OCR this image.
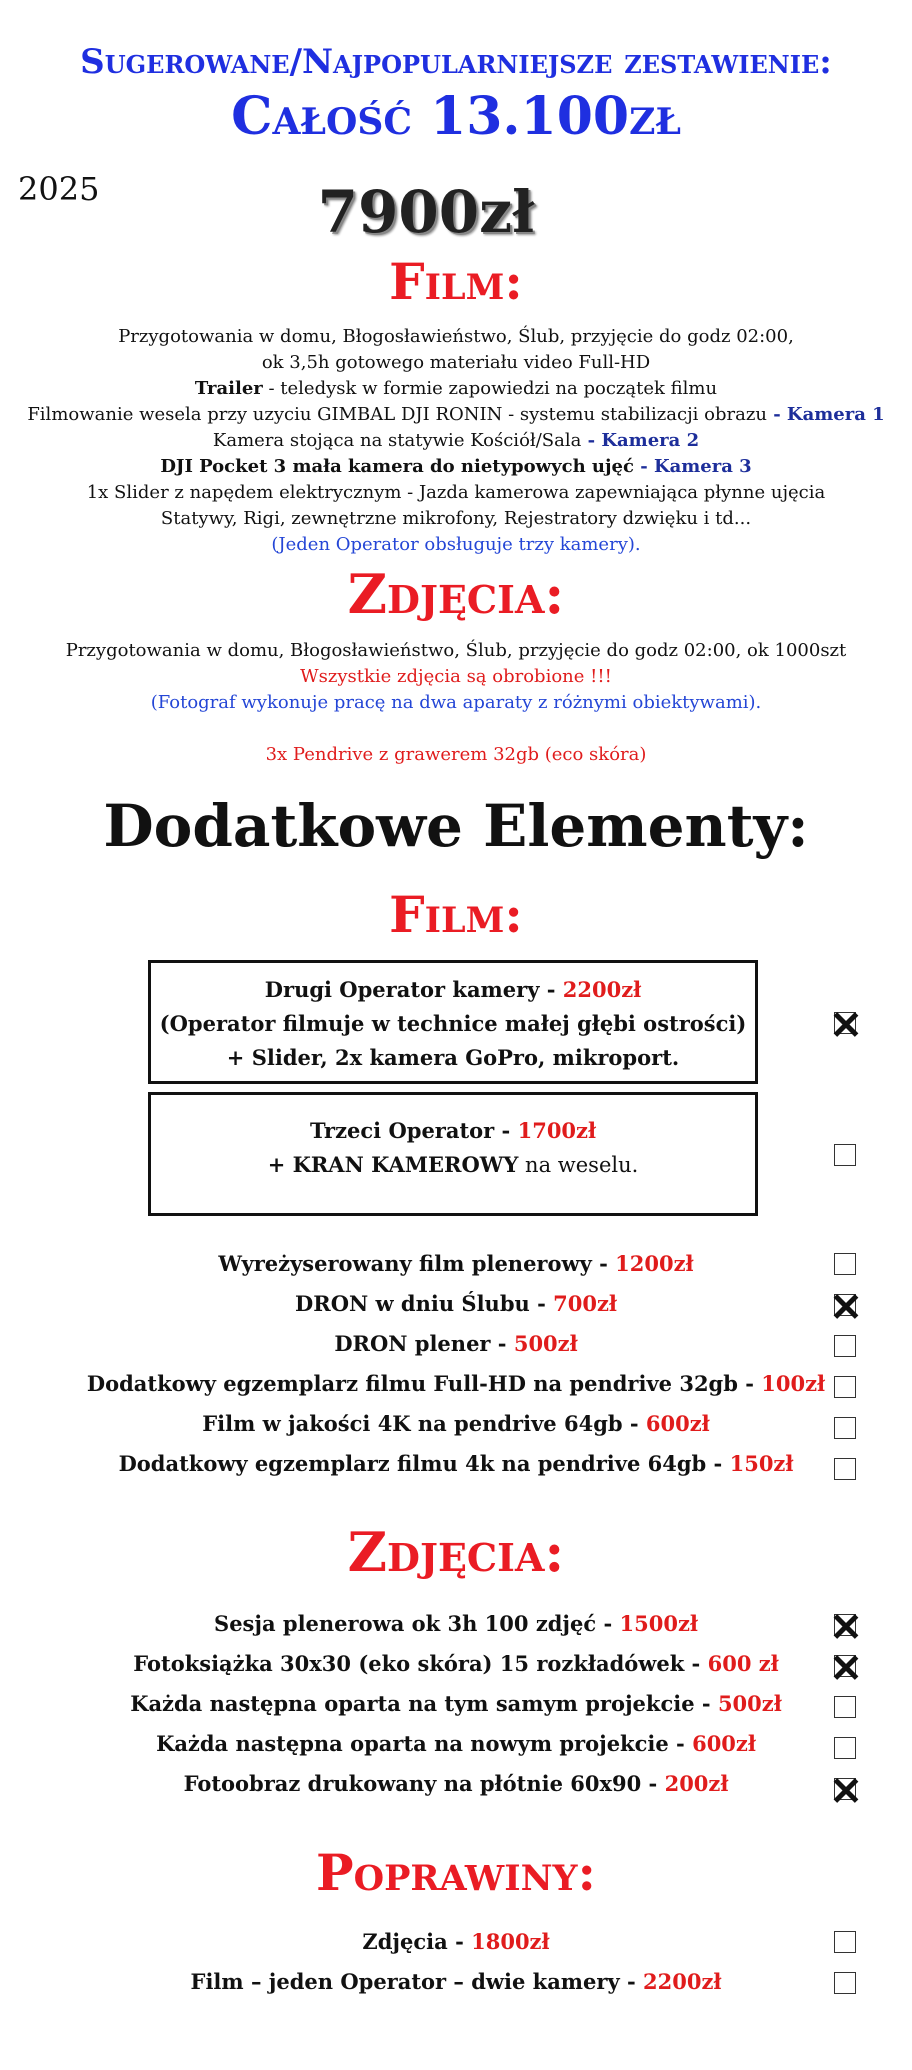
Sugerowane/Najpopularniejsze zestawienie:
Całość 13.100zł
2025	7900zł
Film:
Przygotowania w domu, Błogosławieństwo, Ślub, przyjęcie do godz 02:00,
ok 3,5h gotowego materiału video Full-HD
Trailer - teledysk w formie zapowiedzi na początek filmu
Filmowanie wesela przy uzyciu GIMBAL DJI RONIN - systemu stabilizacji obrazu - Kamera 1
Kamera stojąca na statywie Kościół/Sala - Kamera 2
DJI Pocket 3 mała kamera do nietypowych ujęć - Kamera 3
1x Slider z napędem elektrycznym - Jazda kamerowa zapewniająca płynne ujęcia
Statywy, Rigi, zewnętrzne mikrofony, Rejestratory dzwięku i td...
(Jeden Operator obsługuje trzy kamery).
Zdjęcia:
Przygotowania w domu, Błogosławieństwo, Ślub, przyjęcie do godz 02:00, ok 1000szt
Wszystkie zdjęcia są obrobione !!!
(Fotograf wykonuje pracę na dwa aparaty z różnymi obiektywami).
3x Pendrive z grawerem 32gb (eco skóra)
Dodatkowe Elementy:
Film:
Drugi Operator kamery - 2200zł
(Operator filmuje w technice małej głębi ostrości)
+ Slider, 2x kamera GoPro, mikroport.
Trzeci Operator - 1700zł
+ KRAN KAMEROWY na weselu.
Wyreżyserowany film plenerowy - 1200zł
DRON w dniu Ślubu - 700zł
DRON plener - 500zł
Dodatkowy egzemplarz filmu Full-HD na pendrive 32gb - 100zł
Film w jakości 4K na pendrive 64gb - 600zł
Dodatkowy egzemplarz filmu 4k na pendrive 64gb - 150zł
Zdjęcia:
Sesja plenerowa ok 3h 100 zdjęć - 1500zł
Fotoksiążka 30x30 (eko skóra) 15 rozkładówek - 600 zł
Każda następna oparta na tym samym projekcie - 500zł
Każda następna oparta na nowym projekcie - 600zł
Fotoobraz drukowany na płótnie 60x90 - 200zł
Poprawiny:
Zdjęcia - 1800zł
Film – jeden Operator – dwie kamery - 2200zł
